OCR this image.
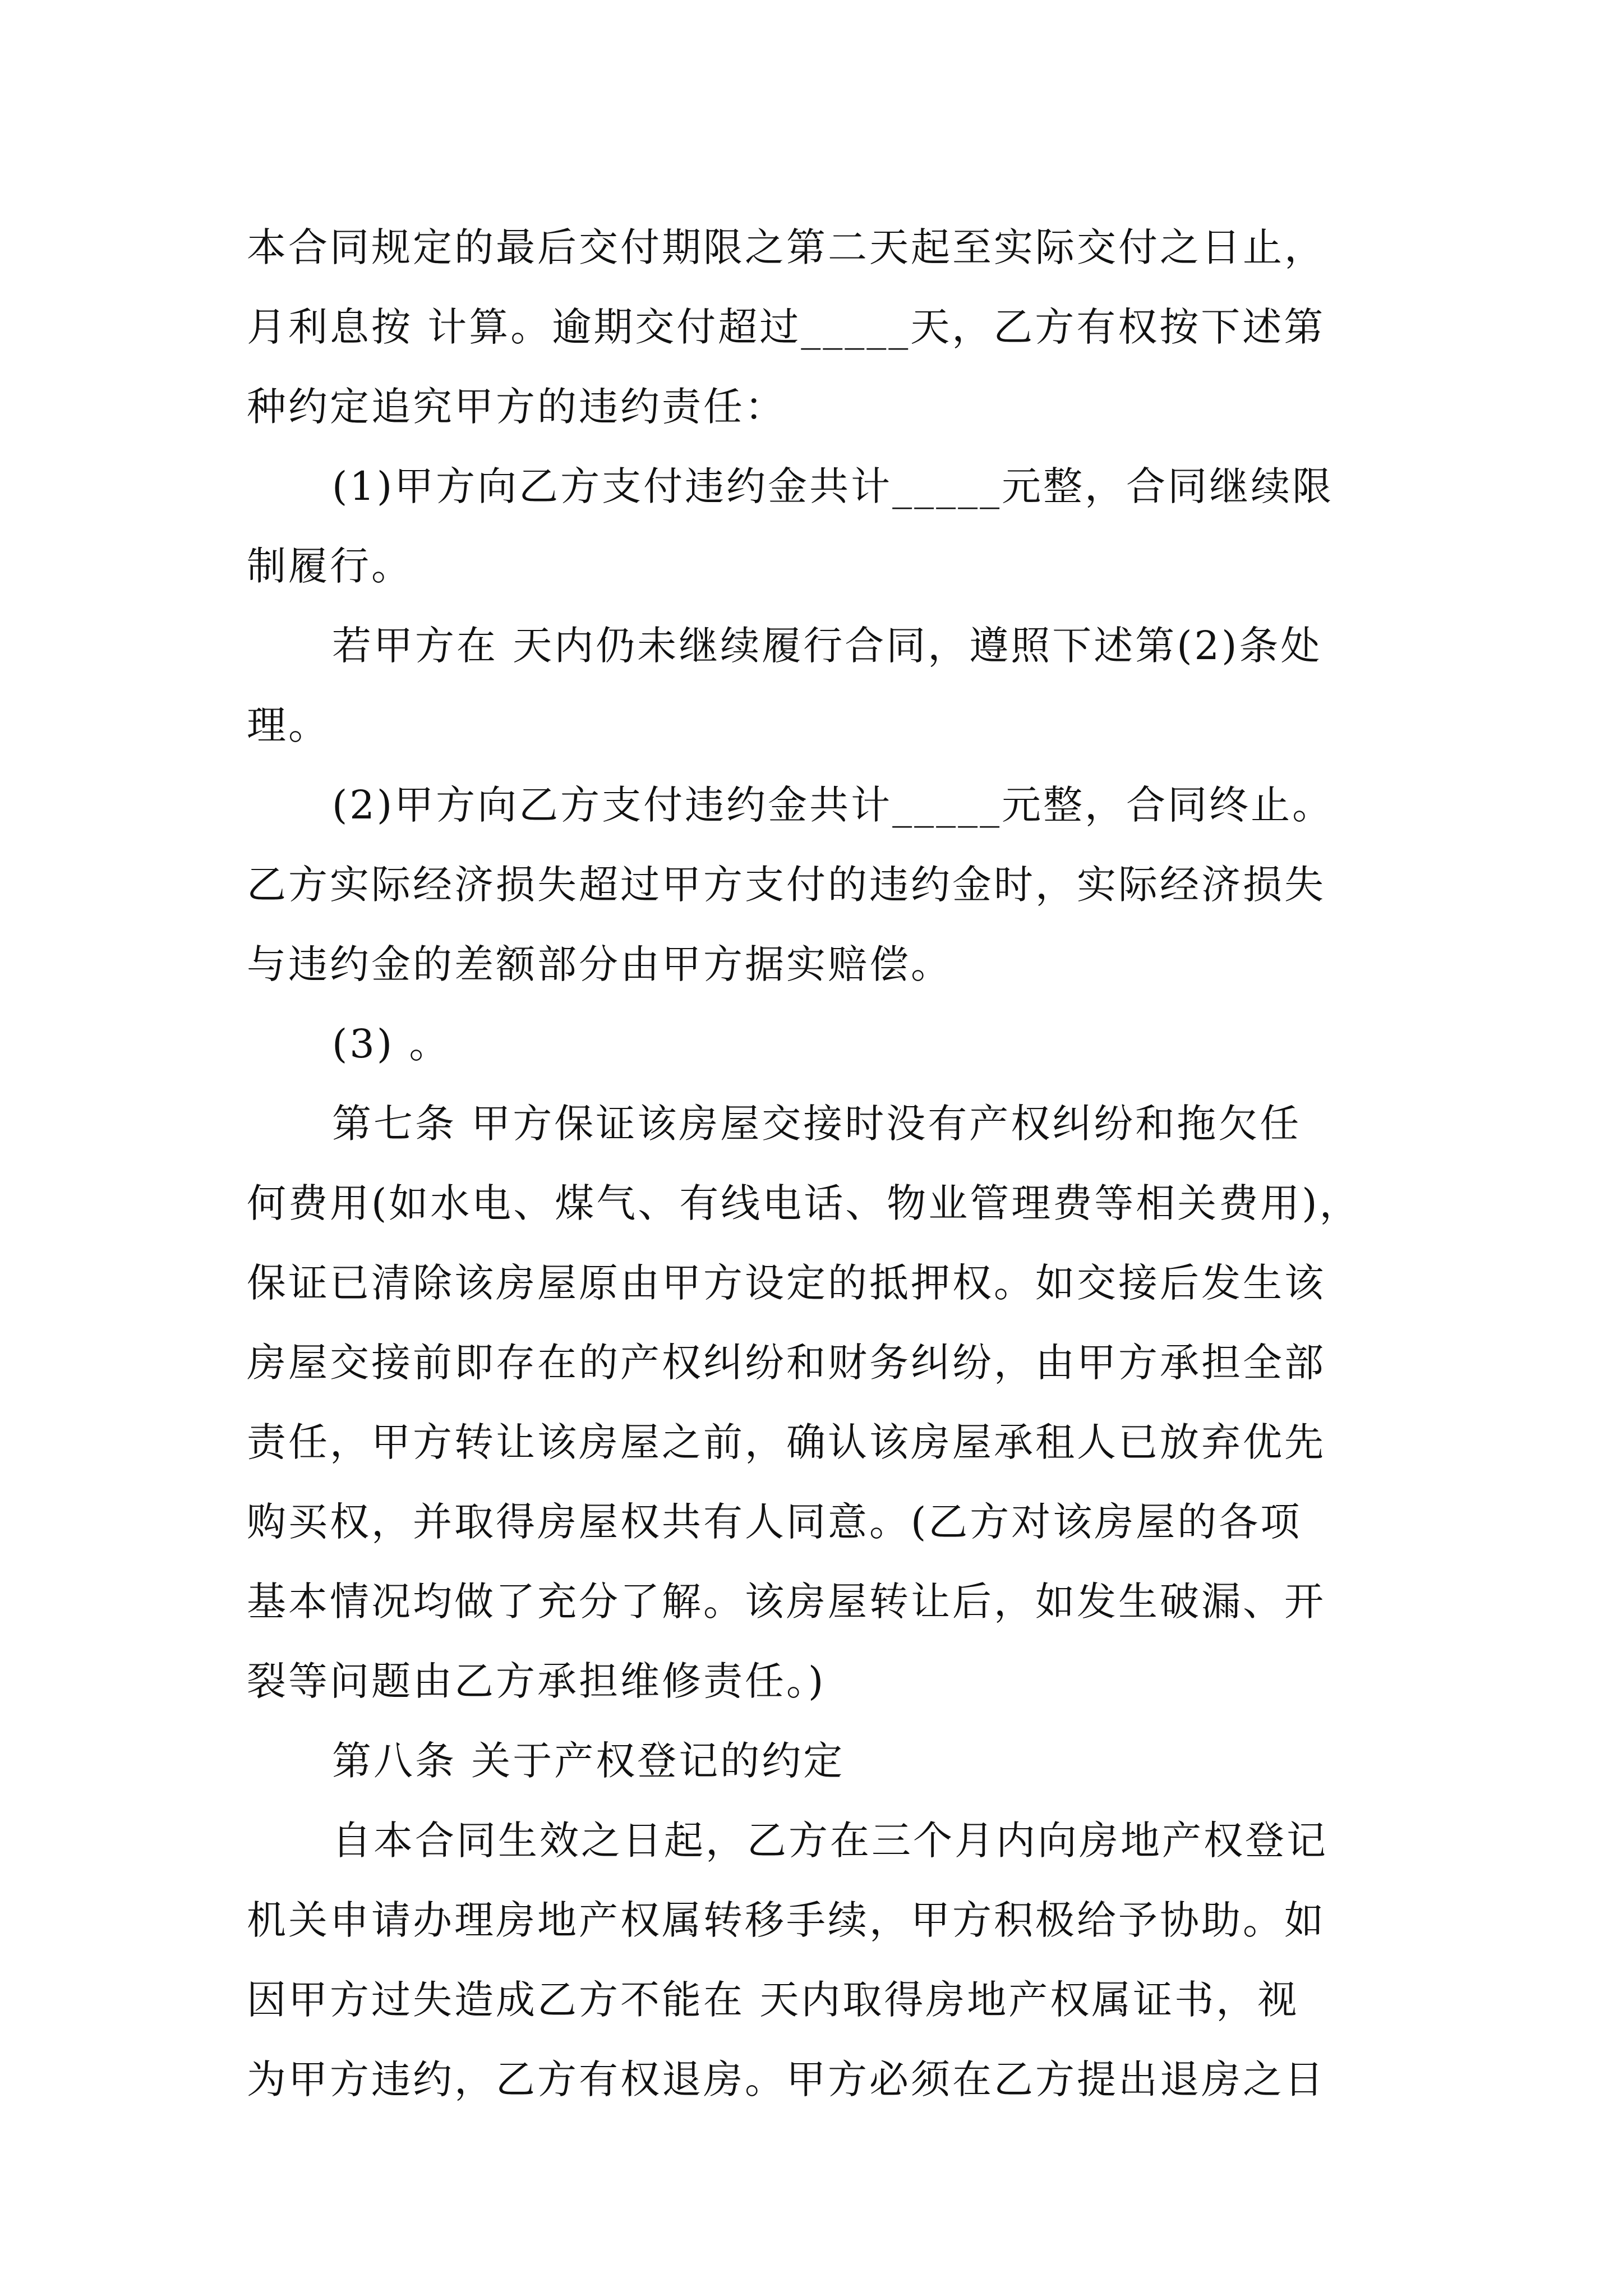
本合同规定的最后交付期限之第二天起至实际交付之日止，
月利息按 计算。逾期交付超过_____天，乙方有权按下述第
种约定追究甲方的违约责任：
(1)甲方向乙方支付违约金共计_____元整，合同继续限
制履行。
若甲方在 天内仍未继续履行合同，遵照下述第(2)条处
理。
(2)甲方向乙方支付违约金共计_____元整，合同终止。
乙方实际经济损失超过甲方支付的违约金时，实际经济损失
与违约金的差额部分由甲方据实赔偿。
(3) 。
第七条 甲方保证该房屋交接时没有产权纠纷和拖欠任
何费用(如水电、煤气、有线电话、物业管理费等相关费用)，
保证已清除该房屋原由甲方设定的抵押权。如交接后发生该
房屋交接前即存在的产权纠纷和财务纠纷，由甲方承担全部
责任，甲方转让该房屋之前，确认该房屋承租人已放弃优先
购买权，并取得房屋权共有人同意。(乙方对该房屋的各项
基本情况均做了充分了解。该房屋转让后，如发生破漏、开
裂等问题由乙方承担维修责任。)
第八条 关于产权登记的约定
自本合同生效之日起，乙方在三个月内向房地产权登记
机关申请办理房地产权属转移手续，甲方积极给予协助。如
因甲方过失造成乙方不能在 天内取得房地产权属证书，视
为甲方违约，乙方有权退房。甲方必须在乙方提出退房之日
